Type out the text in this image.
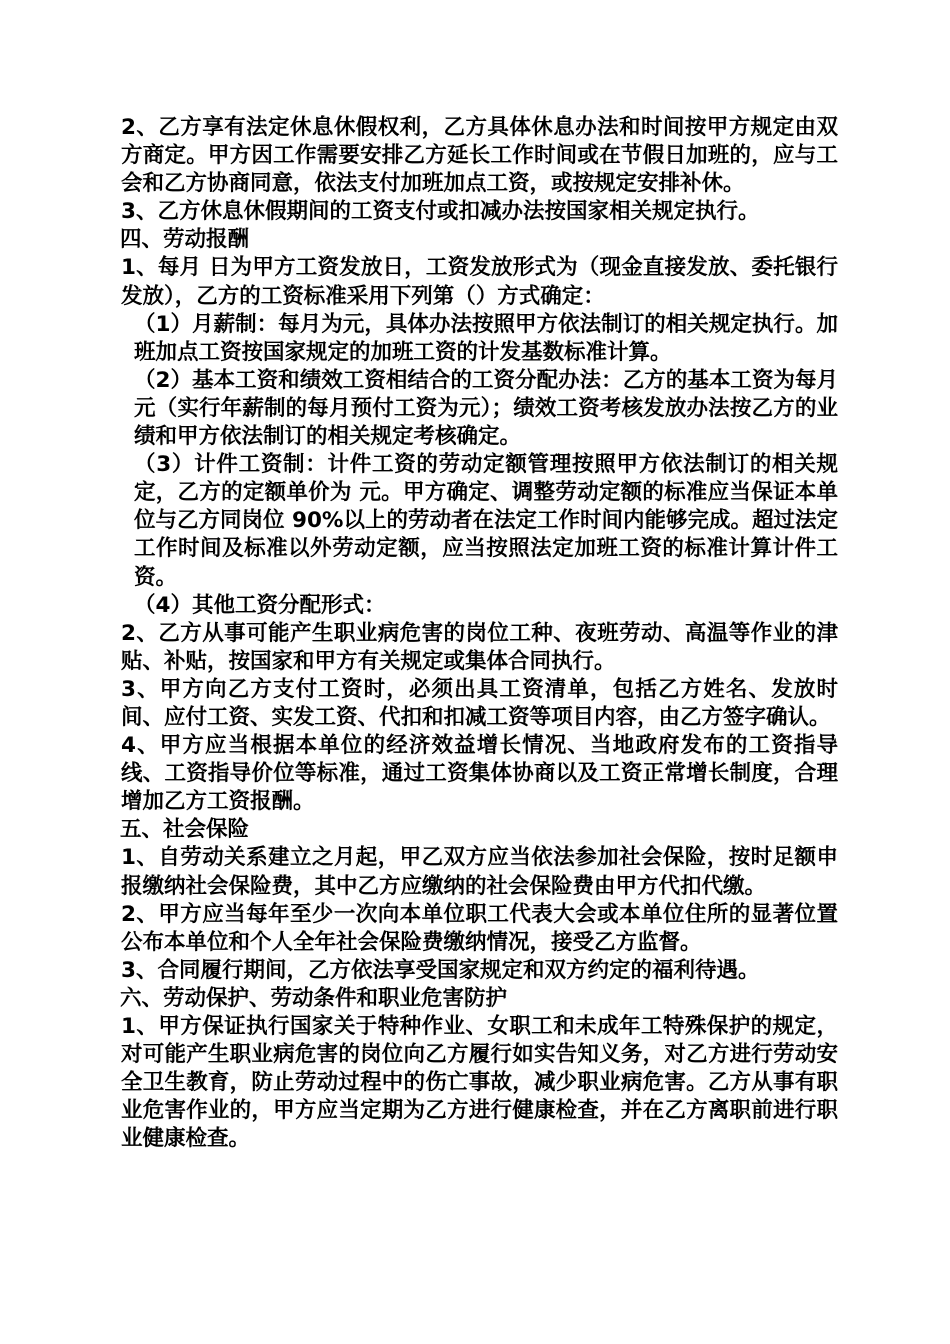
2、乙方享有法定休息休假权利，乙方具体休息办法和时间按甲方规定由双方商定。甲方因工作需要安排乙方延长工作时间或在节假日加班的，应与工会和乙方协商同意，依法支付加班加点工资，或按规定安排补休。

3、乙方休息休假期间的工资支付或扣减办法按国家相关规定执行。

四、劳动报酬

1、每月 日为甲方工资发放日，工资发放形式为（现金直接发放、委托银行发放），乙方的工资标准采用下列第（）方式确定：

（1）月薪制：每月为元，具体办法按照甲方依法制订的相关规定执行。加班加点工资按国家规定的加班工资的计发基数标准计算。

（2）基本工资和绩效工资相结合的工资分配办法：乙方的基本工资为每月元（实行年薪制的每月预付工资为元）；绩效工资考核发放办法按乙方的业绩和甲方依法制订的相关规定考核确定。

（3）计件工资制：计件工资的劳动定额管理按照甲方依法制订的相关规定，乙方的定额单价为 元。甲方确定、调整劳动定额的标准应当保证本单位与乙方同岗位 90%以上的劳动者在法定工作时间内能够完成。超过法定工作时间及标准以外劳动定额，应当按照法定加班工资的标准计算计件工资。

（4）其他工资分配形式：

2、乙方从事可能产生职业病危害的岗位工种、夜班劳动、高温等作业的津贴、补贴，按国家和甲方有关规定或集体合同执行。

3、甲方向乙方支付工资时，必须出具工资清单，包括乙方姓名、发放时间、应付工资、实发工资、代扣和扣减工资等项目内容，由乙方签字确认。

4、甲方应当根据本单位的经济效益增长情况、当地政府发布的工资指导线、工资指导价位等标准，通过工资集体协商以及工资正常增长制度，合理增加乙方工资报酬。

五、社会保险

1、自劳动关系建立之月起，甲乙双方应当依法参加社会保险，按时足额申报缴纳社会保险费，其中乙方应缴纳的社会保险费由甲方代扣代缴。

2、甲方应当每年至少一次向本单位职工代表大会或本单位住所的显著位置公布本单位和个人全年社会保险费缴纳情况，接受乙方监督。

3、合同履行期间，乙方依法享受国家规定和双方约定的福利待遇。

六、劳动保护、劳动条件和职业危害防护

1、甲方保证执行国家关于特种作业、女职工和未成年工特殊保护的规定，对可能产生职业病危害的岗位向乙方履行如实告知义务，对乙方进行劳动安全卫生教育，防止劳动过程中的伤亡事故，减少职业病危害。乙方从事有职业危害作业的，甲方应当定期为乙方进行健康检查，并在乙方离职前进行职业健康检查。
